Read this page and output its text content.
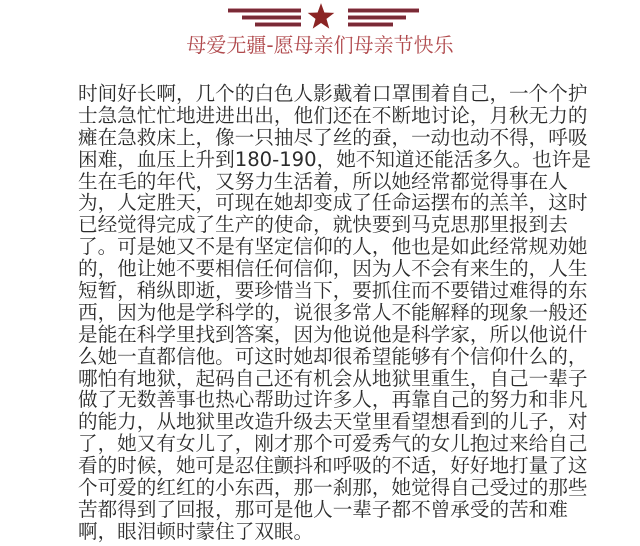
母爱无疆-愿母亲们母亲节快乐
时间好长啊，几个的白色人影戴着口罩围着自己，一个个护
士急急忙忙地进进出出，他们还在不断地讨论，月秋无力的
瘫在急救床上，像一只抽尽了丝的蚕，一动也动不得，呼吸
困难，血压上升到180-190，她不知道还能活多久。也许是
生在毛的年代，又努力生活着，所以她经常都觉得事在人
为，人定胜天，可现在她却变成了任命运摆布的羔羊，这时
已经觉得完成了生产的使命，就快要到马克思那里报到去
了。可是她又不是有坚定信仰的人，他也是如此经常规劝她
的，他让她不要相信任何信仰，因为人不会有来生的，人生
短暂，稍纵即逝，要珍惜当下，要抓住而不要错过难得的东
西，因为他是学科学的，说很多常人不能解释的现象一般还
是能在科学里找到答案，因为他说他是科学家，所以他说什
么她一直都信他。可这时她却很希望能够有个信仰什么的，
哪怕有地狱，起码自己还有机会从地狱里重生，自己一辈子
做了无数善事也热心帮助过许多人，再靠自己的努力和非凡
的能力，从地狱里改造升级去天堂里看望想看到的儿子，对
了，她又有女儿了，刚才那个可爱秀气的女儿抱过来给自己
看的时候，她可是忍住颤抖和呼吸的不适，好好地打量了这
个可爱的红红的小东西，那一刹那，她觉得自己受过的那些
苦都得到了回报，那可是他人一辈子都不曾承受的苦和难
啊，眼泪顿时蒙住了双眼。
